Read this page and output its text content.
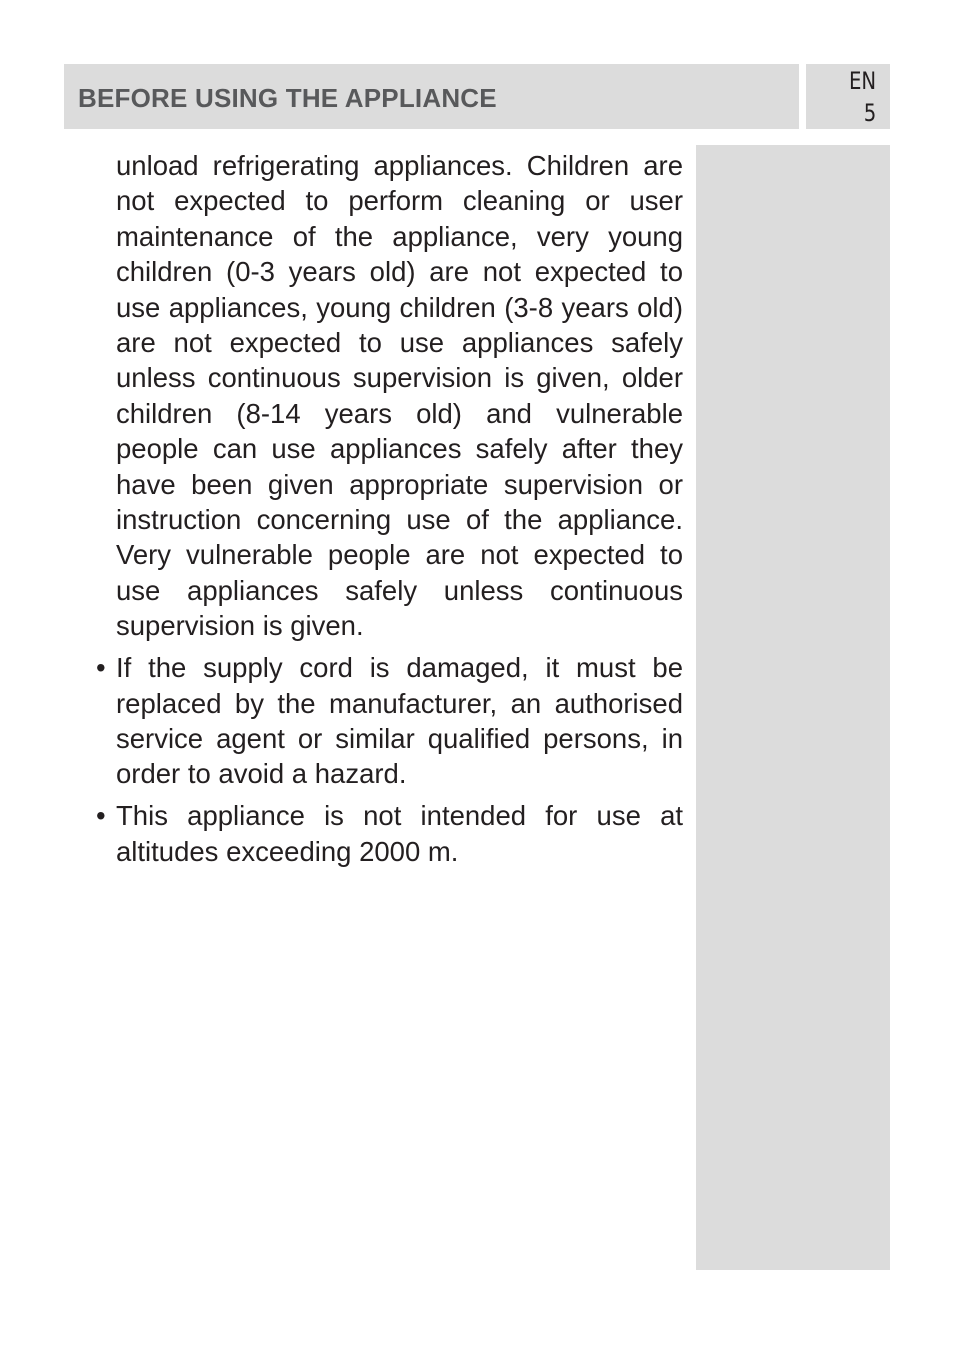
BEFORE USING THE APPLIANCE
EN
5

unload refrigerating appliances. Children are not expected to perform cleaning or user maintenance of the appliance, very young children (0-3 years old) are not expected to use appliances, young children (3-8 years old) are not expected to use appliances safely unless continuous supervision is given, older children (8-14 years old) and vulnerable people can use appliances safely after they have been given appropriate supervision or instruction concerning use of the appliance. Very vulnerable people are not expected to use appliances safely unless continuous supervision is given.

• If the supply cord is damaged, it must be replaced by the manufacturer, an authorised service agent or similar qualified persons, in order to avoid a hazard.
• This appliance is not intended for use at altitudes exceeding 2000 m.
